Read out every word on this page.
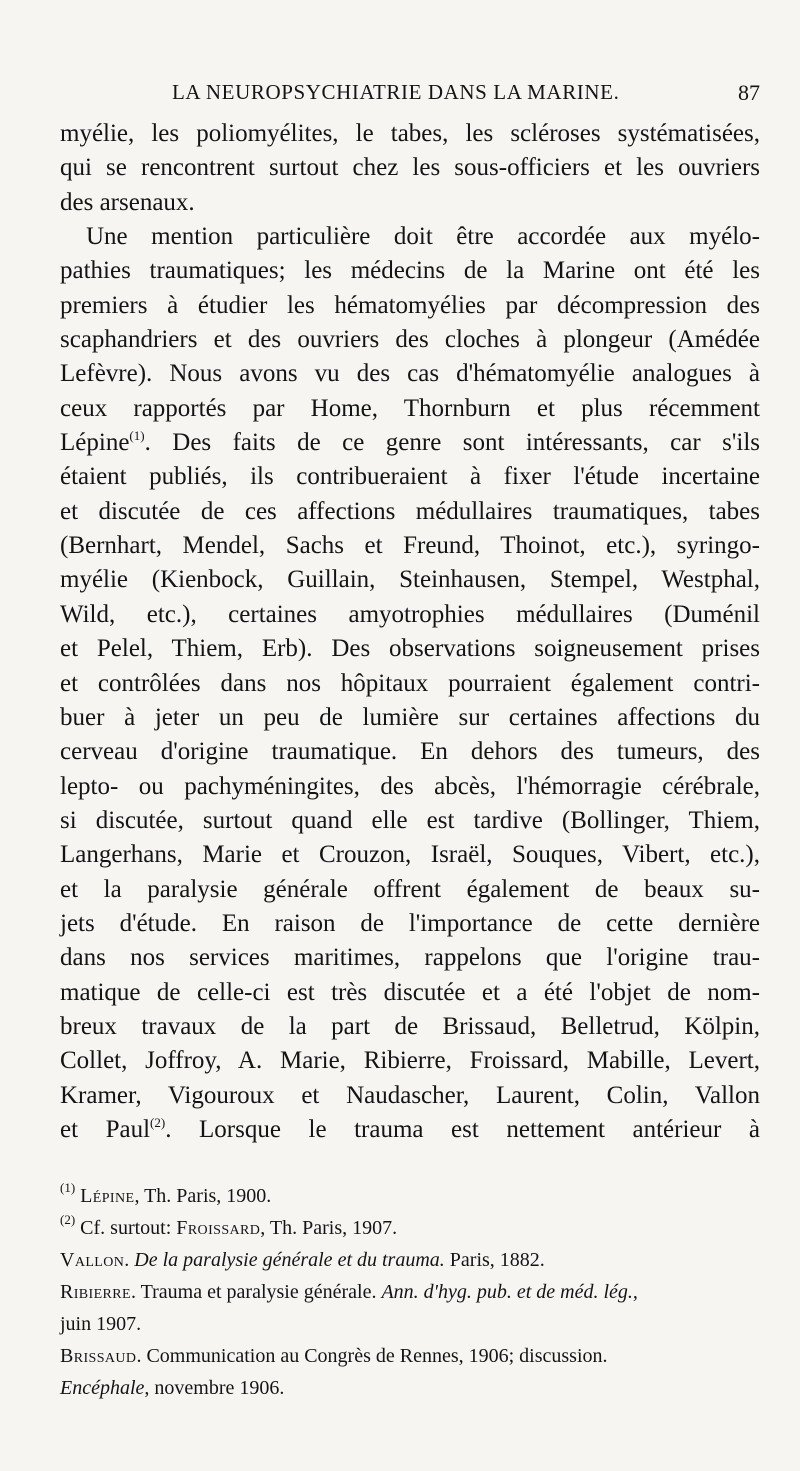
LA NEUROPSYCHIATRIE DANS LA MARINE.	87
myélie, les poliomyélites, le tabes, les scléroses systématisées,
qui se rencontrent surtout chez les sous-officiers et les ouvriers
des arsenaux.
Une mention particulière doit être accordée aux myélo-
pathies traumatiques; les médecins de la Marine ont été les
premiers à étudier les hématomyélies par décompression des
scaphandriers et des ouvriers des cloches à plongeur (Amédée
Lefèvre). Nous avons vu des cas d'hématomyélie analogues à
ceux rapportés par Home, Thornburn et plus récemment
Lépine$^{(1)}$. Des faits de ce genre sont intéressants, car s'ils
étaient publiés, ils contribueraient à fixer l'étude incertaine
et discutée de ces affections médullaires traumatiques, tabes
(Bernhart, Mendel, Sachs et Freund, Thoinot, etc.), syringo-
myélie (Kienbock, Guillain, Steinhausen, Stempel, Westphal,
Wild, etc.), certaines amyotrophies médullaires (Duménil
et Pelel, Thiem, Erb). Des observations soigneusement prises
et contrôlées dans nos hôpitaux pourraient également contri-
buer à jeter un peu de lumière sur certaines affections du
cerveau d'origine traumatique. En dehors des tumeurs, des
lepto- ou pachyméningites, des abcès, l'hémorragie cérébrale,
si discutée, surtout quand elle est tardive (Bollinger, Thiem,
Langerhans, Marie et Crouzon, Israël, Souques, Vibert, etc.),
et la paralysie générale offrent également de beaux su-
jets d'étude. En raison de l'importance de cette dernière
dans nos services maritimes, rappelons que l'origine trau-
matique de celle-ci est très discutée et a été l'objet de nom-
breux travaux de la part de Brissaud, Belletrud, Kölpin,
Collet, Joffroy, A. Marie, Ribierre, Froissard, Mabille, Levert,
Kramer, Vigouroux et Naudascher, Laurent, Colin, Vallon
et Paul$^{(2)}$. Lorsque le trauma est nettement antérieur à
$^{(1)}$ Lépine, Th. Paris, 1900.
$^{(2)}$ Cf. surtout: Froissard, Th. Paris, 1907.
Vallon. De la paralysie générale et du trauma. Paris, 1882.
Ribierre. Trauma et paralysie générale. Ann. d'hyg. pub. et de méd. lég.,
juin 1907.
Brissaud. Communication au Congrès de Rennes, 1906; discussion.
Encéphale, novembre 1906.
